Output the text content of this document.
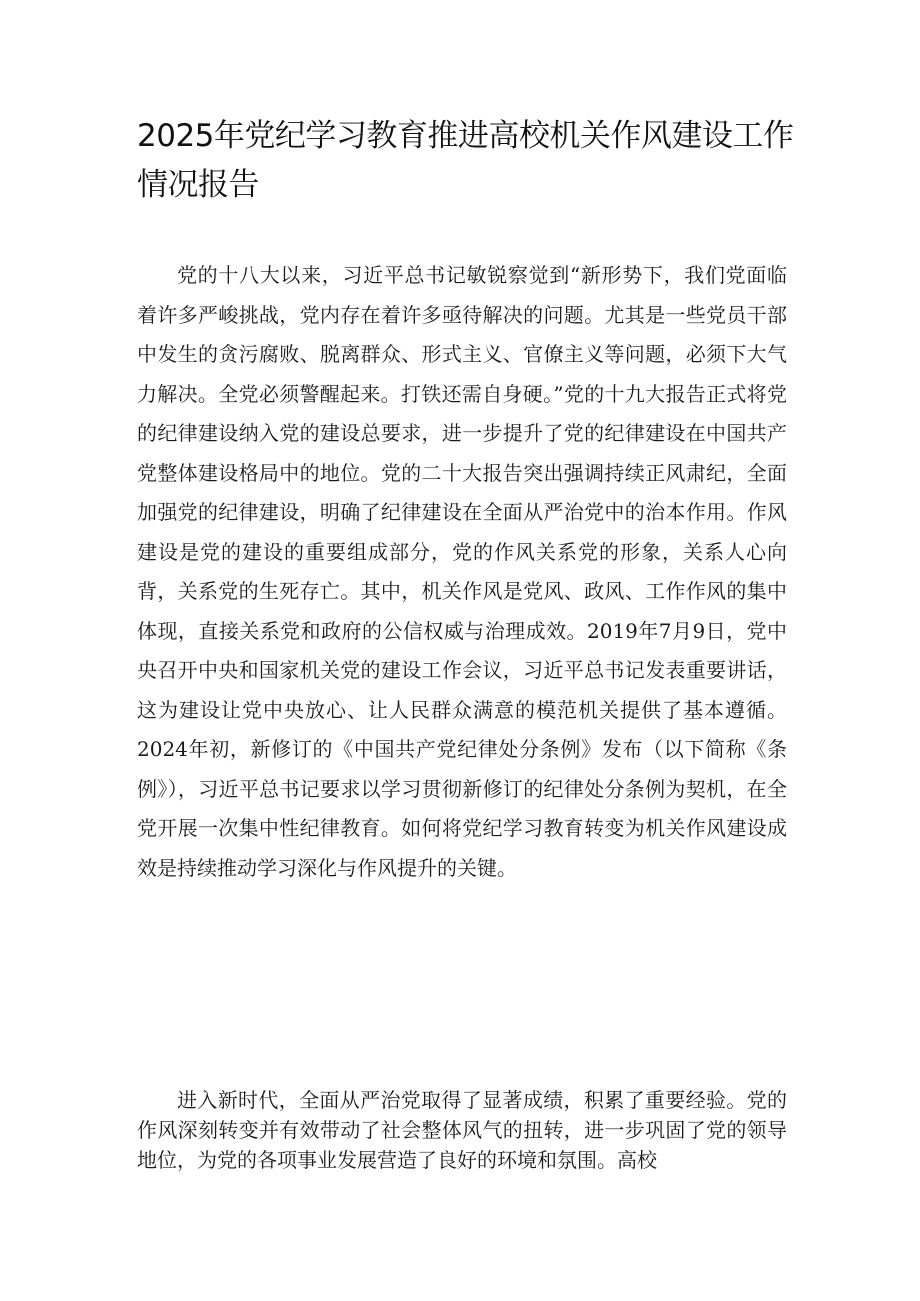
2025年党纪学习教育推进高校机关作风建设工作情况报告

党的十八大以来，习近平总书记敏锐察觉到“新形势下，我们党面临着许多严峻挑战，党内存在着许多亟待解决的问题。尤其是一些党员干部中发生的贪污腐败、脱离群众、形式主义、官僚主义等问题，必须下大气力解决。全党必须警醒起来。打铁还需自身硬。”党的十九大报告正式将党的纪律建设纳入党的建设总要求，进一步提升了党的纪律建设在中国共产党整体建设格局中的地位。党的二十大报告突出强调持续正风肃纪，全面加强党的纪律建设，明确了纪律建设在全面从严治党中的治本作用。作风建设是党的建设的重要组成部分，党的作风关系党的形象，关系人心向背，关系党的生死存亡。其中，机关作风是党风、政风、工作作风的集中体现，直接关系党和政府的公信权威与治理成效。2019年7月9日，党中央召开中央和国家机关党的建设工作会议，习近平总书记发表重要讲话，这为建设让党中央放心、让人民群众满意的模范机关提供了基本遵循。2024年初，新修订的《中国共产党纪律处分条例》发布（以下简称《条例》），习近平总书记要求以学习贯彻新修订的纪律处分条例为契机，在全党开展一次集中性纪律教育。如何将党纪学习教育转变为机关作风建设成效是持续推动学习深化与作风提升的关键。

进入新时代，全面从严治党取得了显著成绩，积累了重要经验。党的作风深刻转变并有效带动了社会整体风气的扭转，进一步巩固了党的领导地位，为党的各项事业发展营造了良好的环境和氛围。高校
